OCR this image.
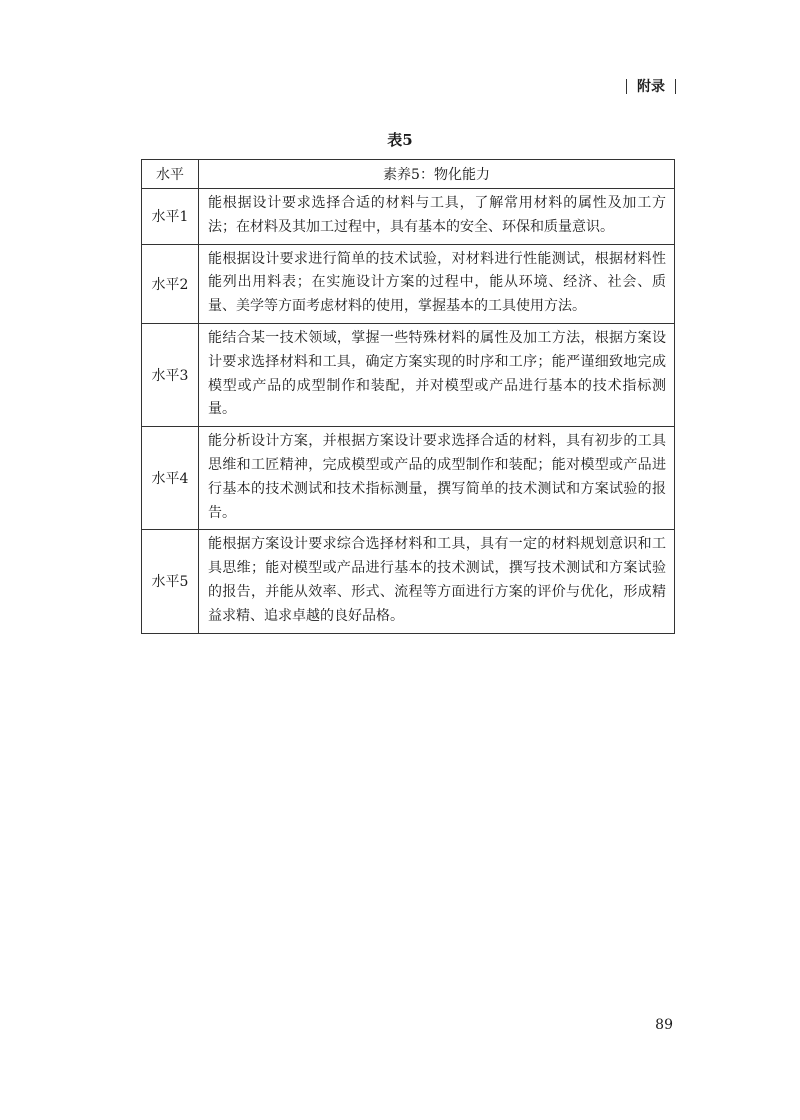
附录
表5
水平	素养5：物化能力
水平1	能根据设计要求选择合适的材料与工具，了解常用材料的属性及加工方法；在材料及其加工过程中，具有基本的安全、环保和质量意识。
水平2	能根据设计要求进行简单的技术试验，对材料进行性能测试，根据材料性能列出用料表；在实施设计方案的过程中，能从环境、经济、社会、质量、美学等方面考虑材料的使用，掌握基本的工具使用方法。
水平3	能结合某一技术领域，掌握一些特殊材料的属性及加工方法，根据方案设计要求选择材料和工具，确定方案实现的时序和工序；能严谨细致地完成模型或产品的成型制作和装配，并对模型或产品进行基本的技术指标测量。
水平4	能分析设计方案，并根据方案设计要求选择合适的材料，具有初步的工具思维和工匠精神，完成模型或产品的成型制作和装配；能对模型或产品进行基本的技术测试和技术指标测量，撰写简单的技术测试和方案试验的报告。
水平5	能根据方案设计要求综合选择材料和工具，具有一定的材料规划意识和工具思维；能对模型或产品进行基本的技术测试，撰写技术测试和方案试验的报告，并能从效率、形式、流程等方面进行方案的评价与优化，形成精益求精、追求卓越的良好品格。
89
